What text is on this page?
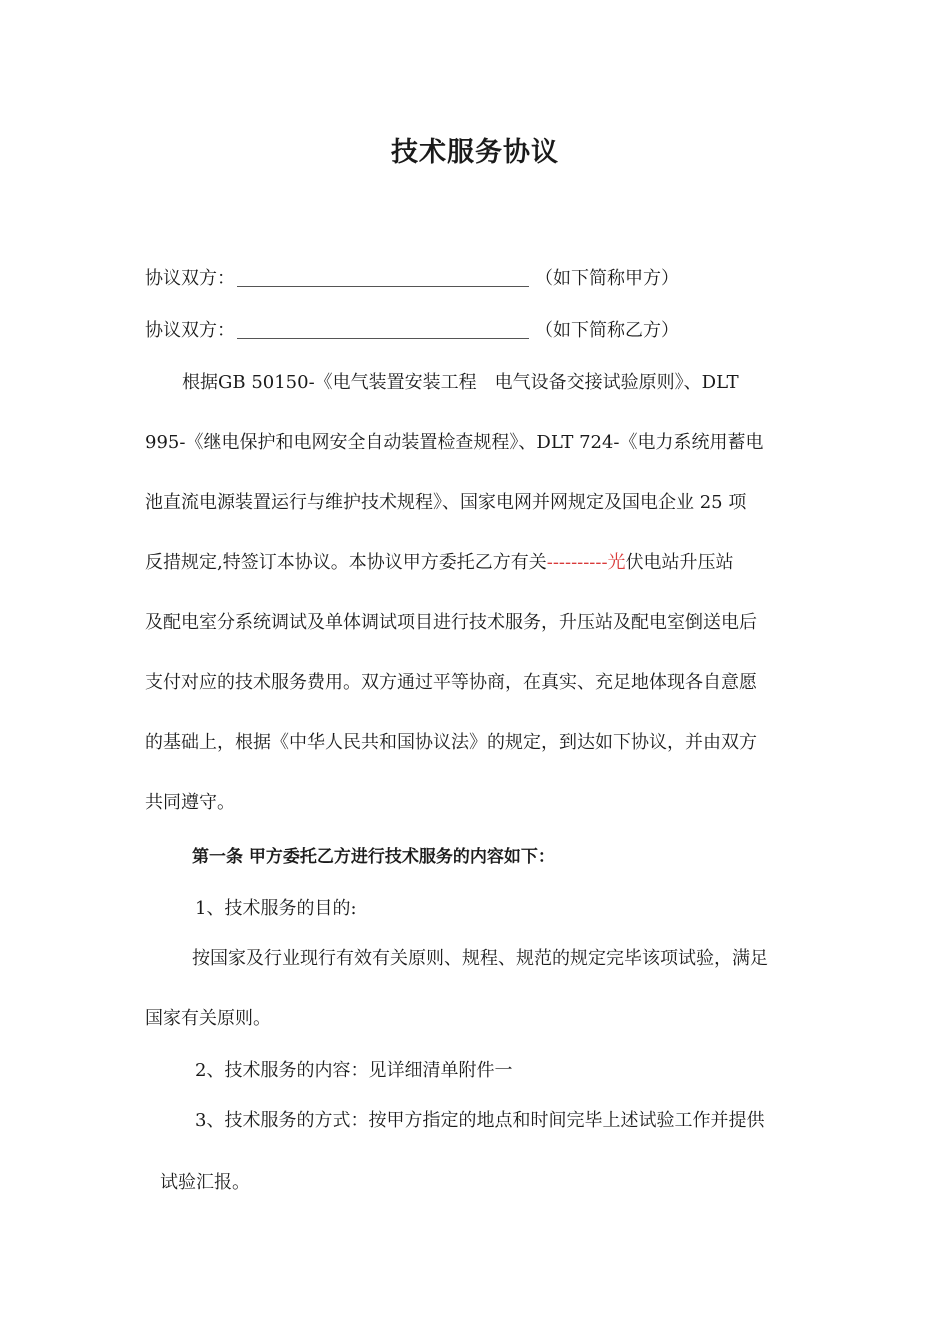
技术服务协议
协议双方：	（如下简称甲方）
协议双方：	（如下简称乙方）
根据GB 50150-《电气装置安装工程　电气设备交接试验原则》、DLT
995-《继电保护和电网安全自动装置检查规程》、DLT 724-《电力系统用蓄电
池直流电源装置运行与维护技术规程》、国家电网并网规定及国电企业 25 项
反措规定,特签订本协议。本协议甲方委托乙方有关----------光伏电站升压站
及配电室分系统调试及单体调试项目进行技术服务，升压站及配电室倒送电后
支付对应的技术服务费用。双方通过平等协商，在真实、充足地体现各自意愿
的基础上，根据《中华人民共和国协议法》的规定，到达如下协议，并由双方
共同遵守。
第一条 甲方委托乙方进行技术服务的内容如下：
1、技术服务的目的:
按国家及行业现行有效有关原则、规程、规范的规定完毕该项试验，满足
国家有关原则。
2、技术服务的内容：见详细清单附件一
3、技术服务的方式：按甲方指定的地点和时间完毕上述试验工作并提供
试验汇报。
